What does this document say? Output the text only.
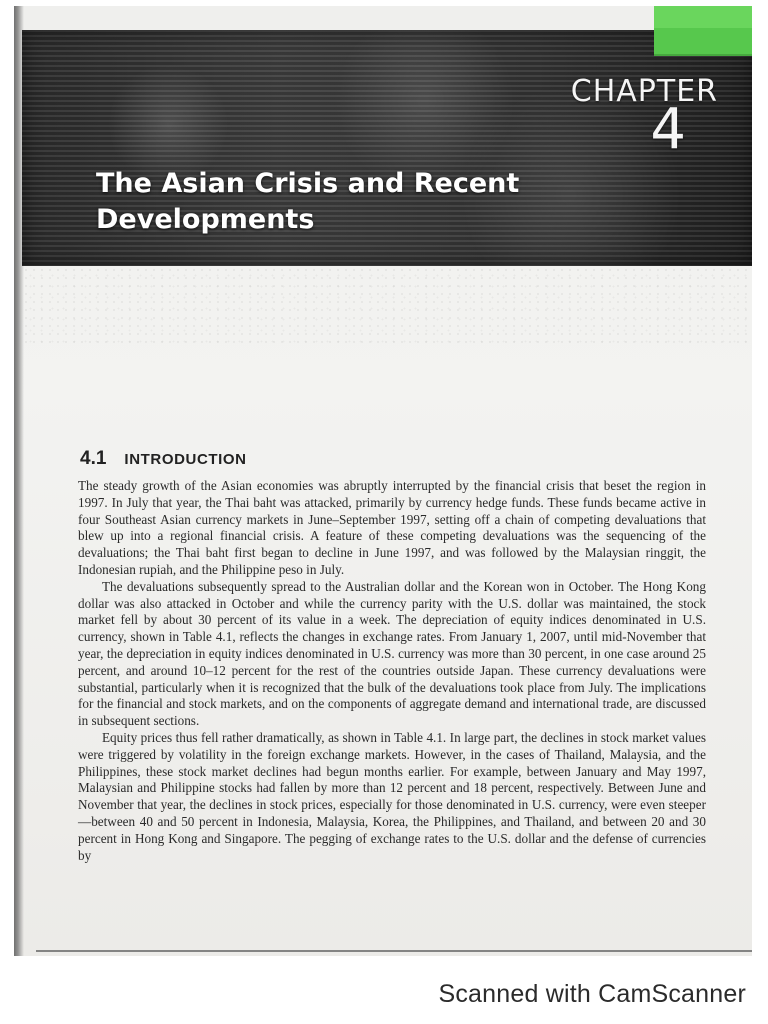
CHAPTER
4
The Asian Crisis and Recent
Developments
4.1 INTRODUCTION

The steady growth of the Asian economies was abruptly interrupted by the financial crisis that beset the region in 1997. In July that year, the Thai baht was attacked, primarily by currency hedge funds. These funds became active in four Southeast Asian currency markets in June–September 1997, setting off a chain of competing devaluations that blew up into a regional financial crisis. A feature of these competing devaluations was the sequencing of the devaluations; the Thai baht first began to decline in June 1997, and was followed by the Malaysian ringgit, the Indonesian rupiah, and the Philippine peso in July.

The devaluations subsequently spread to the Australian dollar and the Korean won in October. The Hong Kong dollar was also attacked in October and while the currency parity with the U.S. dollar was maintained, the stock market fell by about 30 percent of its value in a week. The depreciation of equity indices denominated in U.S. currency, shown in Table 4.1, reflects the changes in exchange rates. From January 1, 2007, until mid-November that year, the depreciation in equity indices denominated in U.S. currency was more than 30 percent, in one case around 25 percent, and around 10–12 percent for the rest of the countries outside Japan. These currency devaluations were substantial, particularly when it is recognized that the bulk of the devaluations took place from July. The implications for the financial and stock markets, and on the components of aggregate demand and international trade, are discussed in subsequent sections.

Equity prices thus fell rather dramatically, as shown in Table 4.1. In large part, the declines in stock market values were triggered by volatility in the foreign exchange markets. However, in the cases of Thailand, Malaysia, and the Philippines, these stock market declines had begun months earlier. For example, between January and May 1997, Malaysian and Philippine stocks had fallen by more than 12 percent and 18 percent, respectively. Between June and November that year, the declines in stock prices, especially for those denominated in U.S. currency, were even steeper—between 40 and 50 percent in Indonesia, Malaysia, Korea, the Philippines, and Thailand, and between 20 and 30 percent in Hong Kong and Singapore. The pegging of exchange rates to the U.S. dollar and the defense of currencies by

Scanned with CamScanner
